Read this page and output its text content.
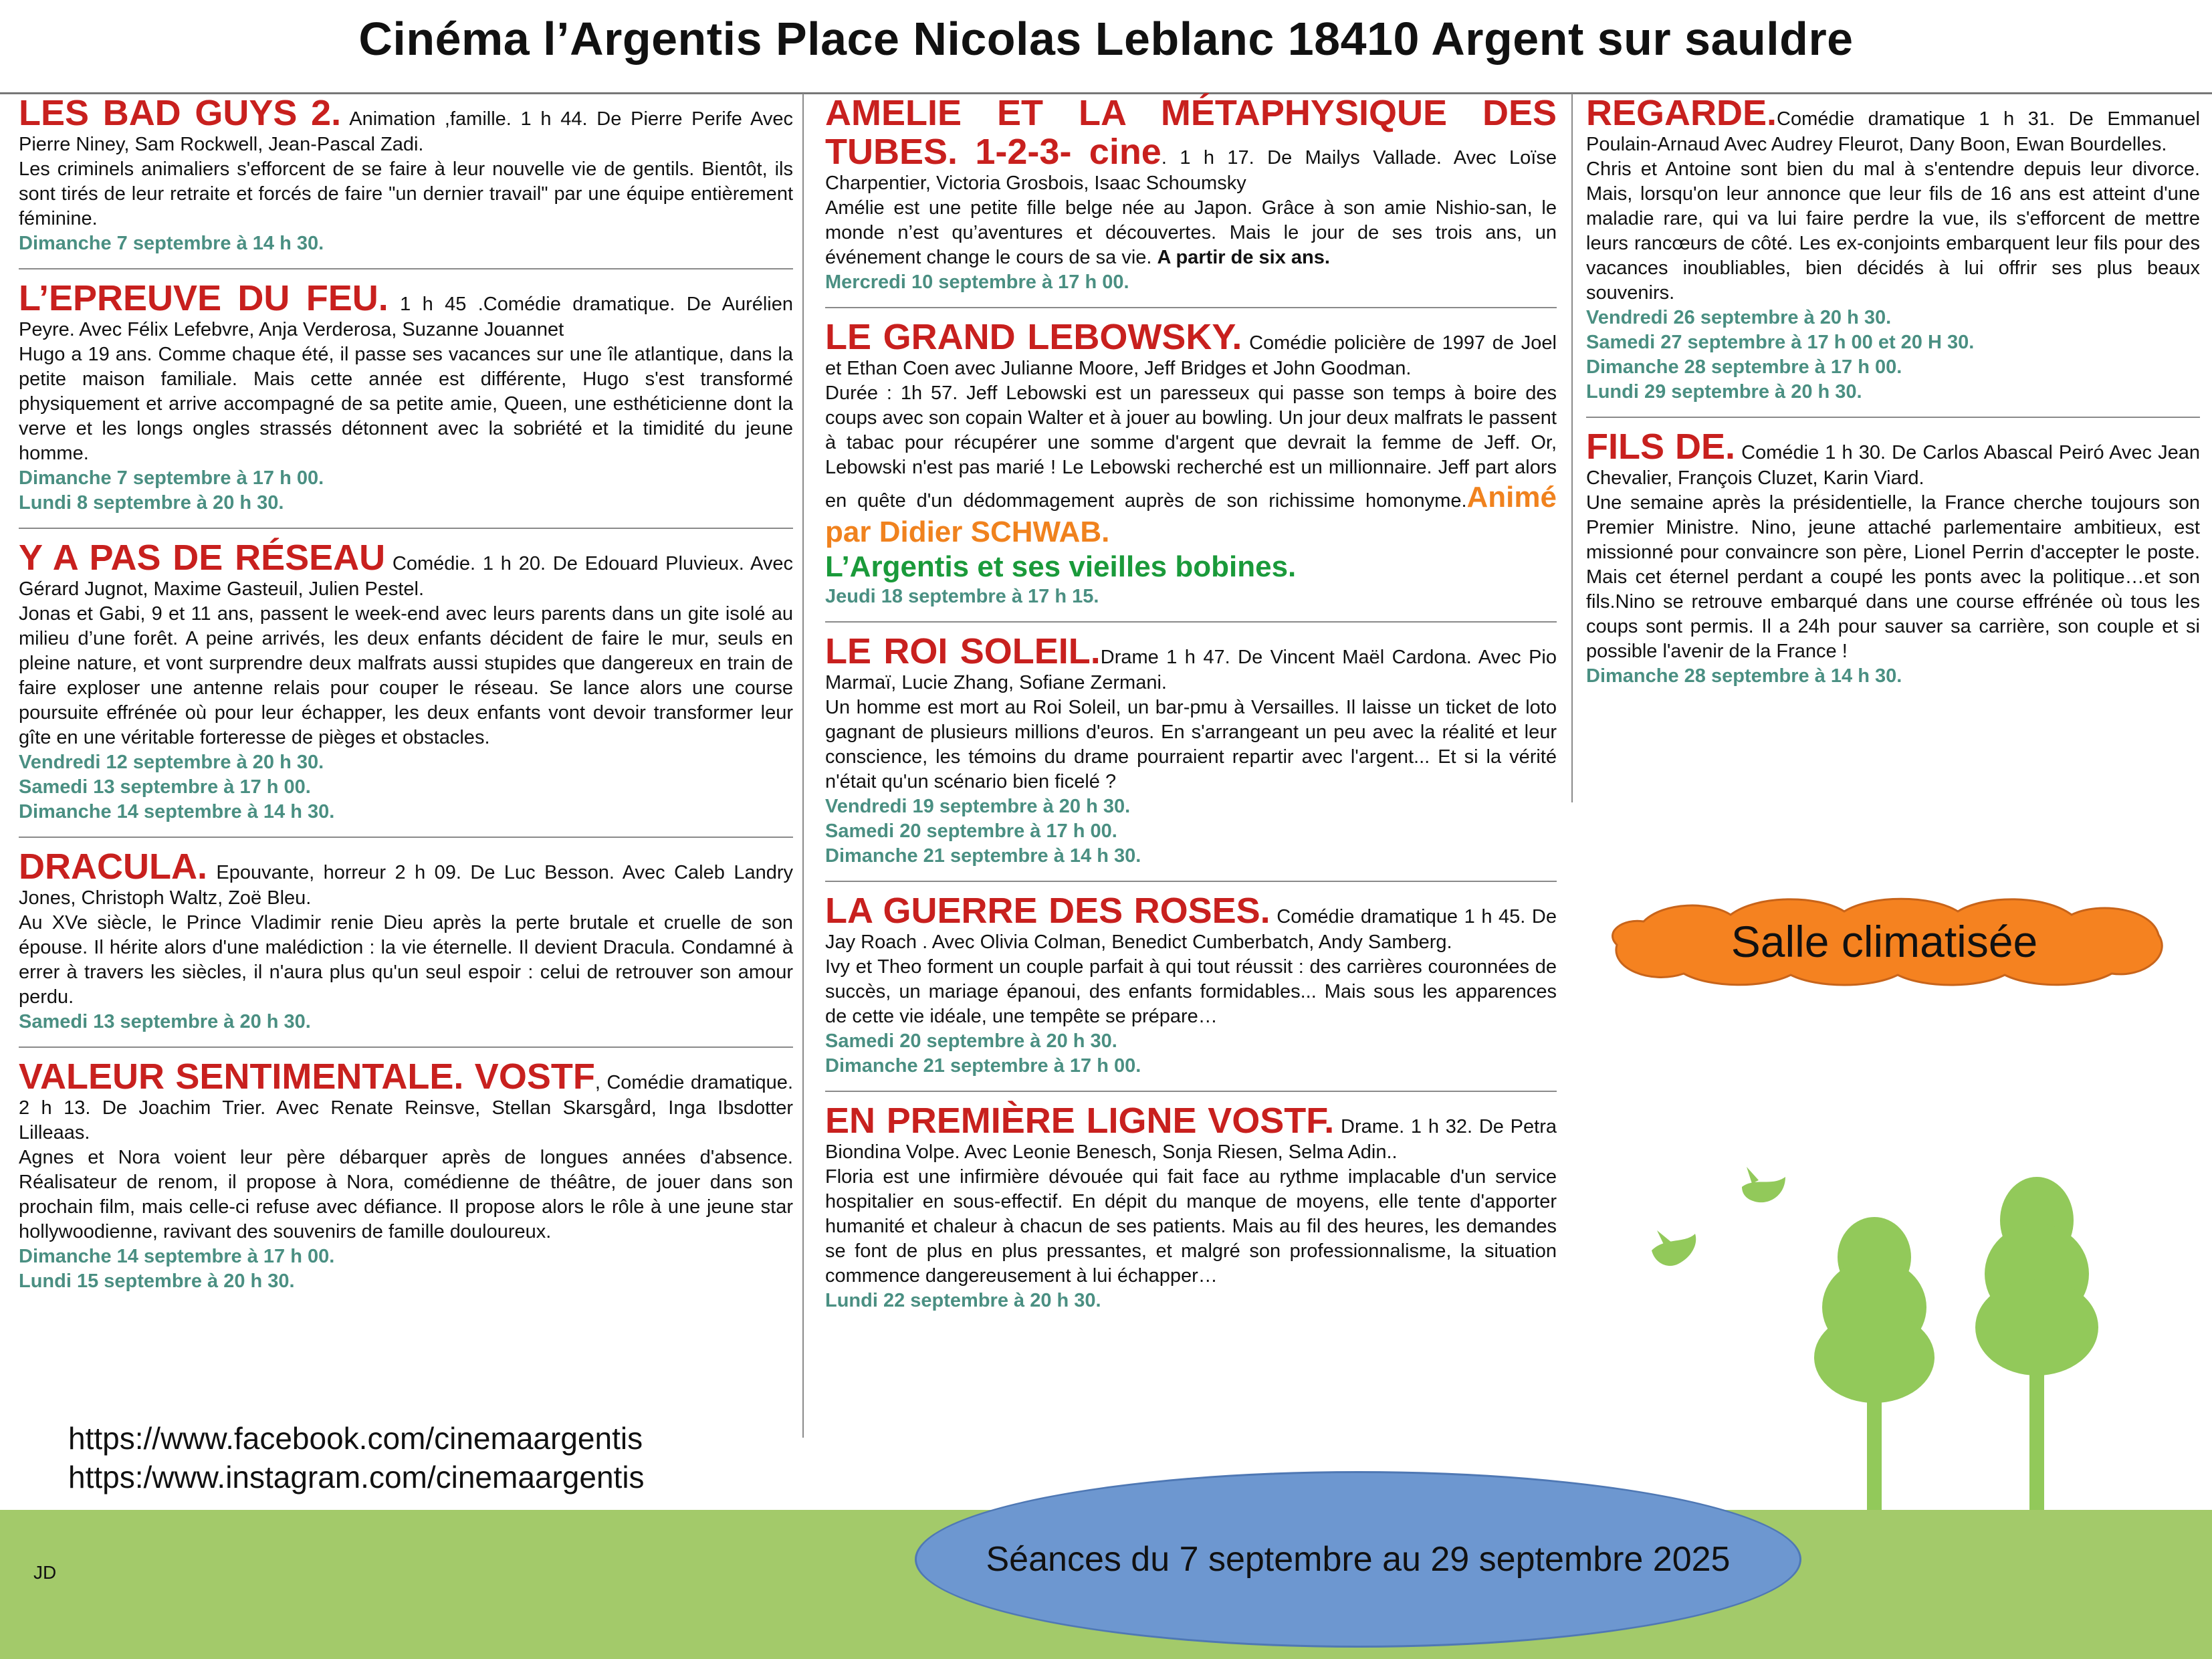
Cinéma l’Argentis Place Nicolas Leblanc 18410 Argent sur sauldre

LES BAD GUYS 2. Animation ,famille. 1 h 44. De Pierre Perife Avec Pierre Niney, Sam Rockwell, Jean-Pascal Zadi.

Les criminels animaliers s'efforcent de se faire à leur nouvelle vie de gentils. Bientôt, ils sont tirés de leur retraite et forcés de faire "un dernier travail" par une équipe entièrement féminine.

Dimanche 7 septembre à 14 h 30.

L’EPREUVE DU FEU. 1 h 45 .Comédie dramatique. De Aurélien Peyre. Avec Félix Lefebvre, Anja Verderosa, Suzanne Jouannet

Hugo a 19 ans. Comme chaque été, il passe ses vacances sur une île atlantique, dans la petite maison familiale. Mais cette année est différente, Hugo s'est transformé physiquement et arrive accompagné de sa petite amie, Queen, une esthéticienne dont la verve et les longs ongles strassés détonnent avec la sobriété et la timidité du jeune homme.

Dimanche 7 septembre à 17 h 00.

Lundi 8 septembre à 20 h 30.

Y A PAS DE RÉSEAU Comédie. 1 h 20. De Edouard Pluvieux. Avec Gérard Jugnot, Maxime Gasteuil, Julien Pestel.

Jonas et Gabi, 9 et 11 ans, passent le week-end avec leurs parents dans un gite isolé au milieu d’une forêt. A peine arrivés, les deux enfants décident de faire le mur, seuls en pleine nature, et vont surprendre deux malfrats aussi stupides que dangereux en train de faire exploser une antenne relais pour couper le réseau. Se lance alors une course poursuite effrénée où pour leur échapper, les deux enfants vont devoir transformer leur gîte en une véritable forteresse de pièges et obstacles.

Vendredi 12 septembre à 20 h 30.

Samedi 13 septembre à 17 h 00.

Dimanche 14 septembre à 14 h 30.

DRACULA. Epouvante, horreur 2 h 09. De Luc Besson. Avec Caleb Landry Jones, Christoph Waltz, Zoë Bleu.

Au XVe siècle, le Prince Vladimir renie Dieu après la perte brutale et cruelle de son épouse. Il hérite alors d'une malédiction : la vie éternelle. Il devient Dracula. Condamné à errer à travers les siècles, il n'aura plus qu'un seul espoir : celui de retrouver son amour perdu.

Samedi 13 septembre à 20 h 30.

VALEUR SENTIMENTALE. VOSTF, Comédie dramatique. 2 h 13. De Joachim Trier. Avec Renate Reinsve, Stellan Skarsgård, Inga Ibsdotter Lilleaas.

Agnes et Nora voient leur père débarquer après de longues années d'absence. Réalisateur de renom, il propose à Nora, comédienne de théâtre, de jouer dans son prochain film, mais celle-ci refuse avec défiance. Il propose alors le rôle à une jeune star hollywoodienne, ravivant des souvenirs de famille douloureux.

Dimanche 14 septembre à 17 h 00.

Lundi 15 septembre à 20 h 30.

AMELIE ET LA MÉTAPHYSIQUE DES TUBES. 1-2-3- cine. 1 h 17. De Mailys Vallade. Avec Loïse Charpentier, Victoria Grosbois, Isaac Schoumsky

Amélie est une petite fille belge née au Japon. Grâce à son amie Nishio-san, le monde n’est qu’aventures et découvertes. Mais le jour de ses trois ans, un événement change le cours de sa vie. A partir de six ans.

Mercredi 10 septembre à 17 h 00.

LE GRAND LEBOWSKY. Comédie policière de 1997 de Joel et Ethan Coen avec Julianne Moore, Jeff Bridges et John Goodman.

Durée : 1h 57. Jeff Lebowski est un paresseux qui passe son temps à boire des coups avec son copain Walter et à jouer au bowling. Un jour deux malfrats le passent à tabac pour récupérer une somme d'argent que devrait la femme de Jeff. Or, Lebowski n'est pas marié ! Le Lebowski recherché est un millionnaire. Jeff part alors en quête d'un dédommagement auprès de son richissime homonyme.Animé par Didier SCHWAB.

L’Argentis et ses vieilles bobines.

Jeudi 18 septembre à 17 h 15.

LE ROI SOLEIL.Drame 1 h 47. De Vincent Maël Cardona. Avec Pio Marmaï, Lucie Zhang, Sofiane Zermani.

Un homme est mort au Roi Soleil, un bar-pmu à Versailles. Il laisse un ticket de loto gagnant de plusieurs millions d'euros. En s'arrangeant un peu avec la réalité et leur conscience, les témoins du drame pourraient repartir avec l'argent... Et si la vérité n'était qu'un scénario bien ficelé ?

Vendredi 19 septembre à 20 h 30.

Samedi 20 septembre à 17 h 00.

Dimanche 21 septembre à 14 h 30.

LA GUERRE DES ROSES. Comédie dramatique 1 h 45. De Jay Roach . Avec Olivia Colman, Benedict Cumberbatch, Andy Samberg.

Ivy et Theo forment un couple parfait à qui tout réussit : des carrières couronnées de succès, un mariage épanoui, des enfants formidables... Mais sous les apparences de cette vie idéale, une tempête se prépare…

Samedi 20 septembre à 20 h 30.

Dimanche 21 septembre à 17 h 00.

EN PREMIÈRE LIGNE VOSTF. Drame. 1 h 32. De Petra Biondina Volpe. Avec Leonie Benesch, Sonja Riesen, Selma Adin..

Floria est une infirmière dévouée qui fait face au rythme implacable d'un service hospitalier en sous-effectif. En dépit du manque de moyens, elle tente d'apporter humanité et chaleur à chacun de ses patients. Mais au fil des heures, les demandes se font de plus en plus pressantes, et malgré son professionnalisme, la situation commence dangereusement à lui échapper…

Lundi 22 septembre à 20 h 30.

REGARDE.Comédie dramatique 1 h 31. De Emmanuel Poulain-Arnaud Avec Audrey Fleurot, Dany Boon, Ewan Bourdelles.

Chris et Antoine sont bien du mal à s'entendre depuis leur divorce. Mais, lorsqu'on leur annonce que leur fils de 16 ans est atteint d'une maladie rare, qui va lui faire perdre la vue, ils s'efforcent de mettre leurs rancœurs de côté. Les ex-conjoints embarquent leur fils pour des vacances inoubliables, bien décidés à lui offrir ses plus beaux souvenirs.

Vendredi 26 septembre à 20 h 30.

Samedi 27 septembre à 17 h 00 et 20 H 30.

Dimanche 28 septembre à 17 h 00.

Lundi 29 septembre à 20 h 30.

FILS DE. Comédie 1 h 30. De Carlos Abascal Peiró Avec Jean Chevalier, François Cluzet, Karin Viard.

Une semaine après la présidentielle, la France cherche toujours son Premier Ministre. Nino, jeune attaché parlementaire ambitieux, est missionné pour convaincre son père, Lionel Perrin d'accepter le poste. Mais cet éternel perdant a coupé les ponts avec la politique…et son fils.Nino se retrouve embarqué dans une course effrénée où tous les coups sont permis. Il a 24h pour sauver sa carrière, son couple et si possible l'avenir de la France !

Dimanche 28 septembre à 14 h 30.

Salle climatisée
https://www.facebook.com/cinemaargentis
https:/www.instagram.com/cinemaargentis
JD	Séances du 7 septembre au 29 septembre 2025
